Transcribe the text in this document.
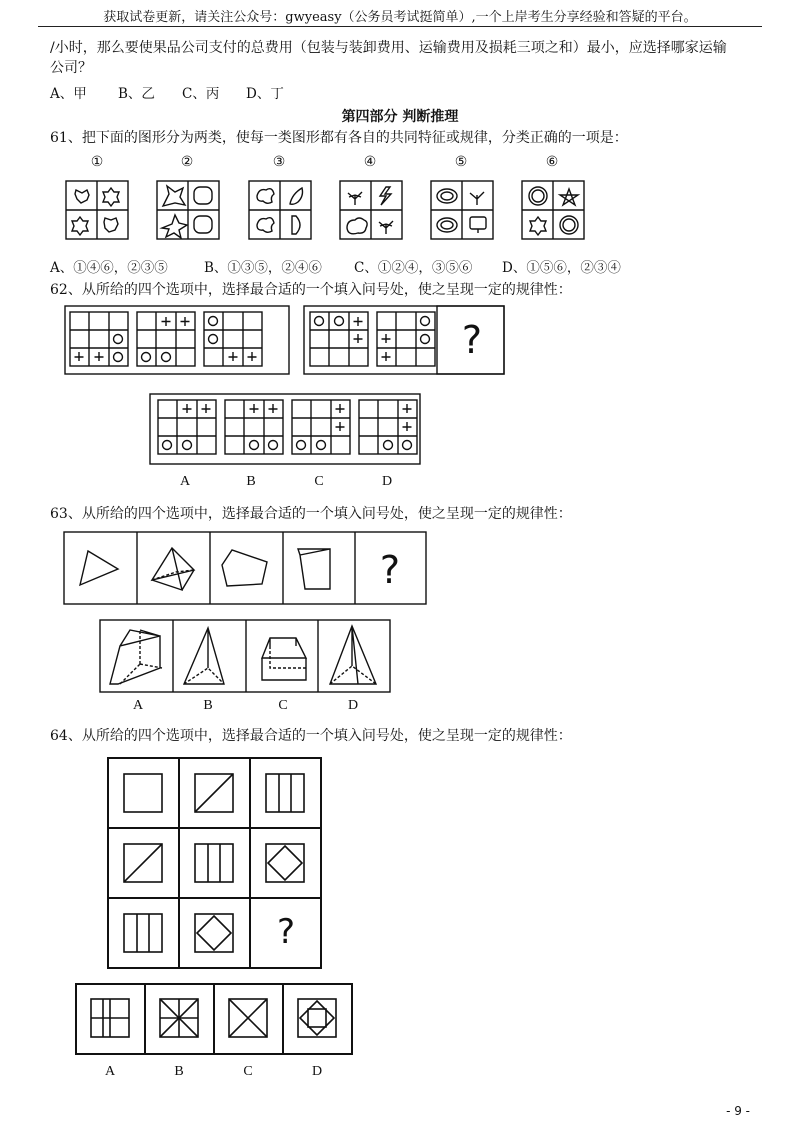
获取试卷更新，请关注公众号：gwyeasy（公务员考试挺简单）,一个上岸考生分享经验和答疑的平台。
/小时，那么要使果品公司支付的总费用（包装与装卸费用、运输费用及损耗三项之和）最小，应选择哪家运输
公司？
A、甲 B、乙 C、丙 D、丁
第四部分 判断推理
61、把下面的图形分为两类，使每一类图形都有各自的共同特征或规律，分类正确的一项是：
①	②	③	④	⑤	⑥
A、①④⑥，②③⑤	B、①③⑤，②④⑥ C、①②④，③⑤⑥ D、①⑤⑥，②③④
62、从所给的四个选项中，选择最合适的一个填入问号处，使之呈现一定的规律性：
?
A	B	C	D
63、从所给的四个选项中，选择最合适的一个填入问号处，使之呈现一定的规律性：
?
A	B	C	D
64、从所给的四个选项中，选择最合适的一个填入问号处，使之呈现一定的规律性：
?
A	B	C	D
- 9 -
